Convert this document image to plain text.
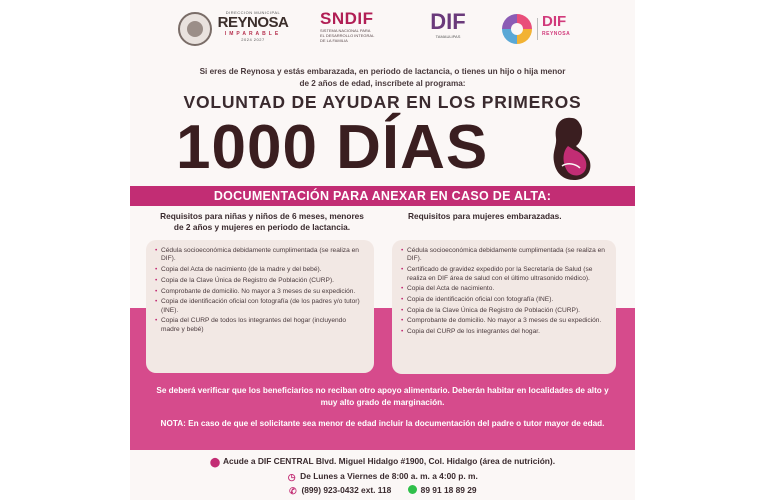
DIRECCION MUNICIPAL
REYNOSA
IMPARABLE
2024 2027
SNDIF
SISTEMA NACIONAL PARA
EL DESARROLLO INTEGRAL
DE LA FAMILIA
DIF
TAMAULIPAS
DIF
REYNOSA
Si eres de Reynosa y estás embarazada, en periodo de lactancia, o tienes un hijo o hija menor
de 2 años de edad, inscríbete al programa:
VOLUNTAD DE AYUDAR EN LOS PRIMEROS
1000 DÍAS
DOCUMENTACIÓN PARA ANEXAR EN CASO DE ALTA:
Requisitos para niñas y niños de 6 meses, menores
de 2 años y mujeres en periodo de lactancia.
Requisitos para mujeres embarazadas.
• Cédula socioeconómica debidamente cumplimentada (se realiza en DIF).
• Copia del Acta de nacimiento (de la madre y del bebé).
• Copia de la Clave Única de Registro de Población (CURP).
• Comprobante de domicilio. No mayor a 3 meses de su expedición.
• Copia de identificación oficial con fotografía (de los padres y/o tutor) (INE).
• Copia del CURP de todos los integrantes del hogar (incluyendo madre y bebé)
• Cédula socioeconómica debidamente cumplimentada (se realiza en DIF).
• Certificado de gravidez expedido por la Secretaría de Salud (se realiza en DIF área de salud con el último ultrasonido médico).
• Copia del Acta de nacimiento.
• Copia de identificación oficial con fotografía (INE).
• Copia de la Clave Única de Registro de Población (CURP).
• Comprobante de domicilio. No mayor a 3 meses de su expedición.
• Copia del CURP de los integrantes del hogar.
Se deberá verificar que los beneficiarios no reciban otro apoyo alimentario. Deberán habitar en localidades de alto y muy alto grado de marginación.
NOTA: En caso de que el solicitante sea menor de edad incluir la documentación del padre o tutor mayor de edad.
⬤ Acude a DIF CENTRAL Blvd. Miguel Hidalgo #1900, Col. Hidalgo (área de nutrición).
◷ De Lunes a Viernes de 8:00 a. m. a 4:00 p. m.
✆ (899) 923-0432 ext. 118	89 91 18 89 29
